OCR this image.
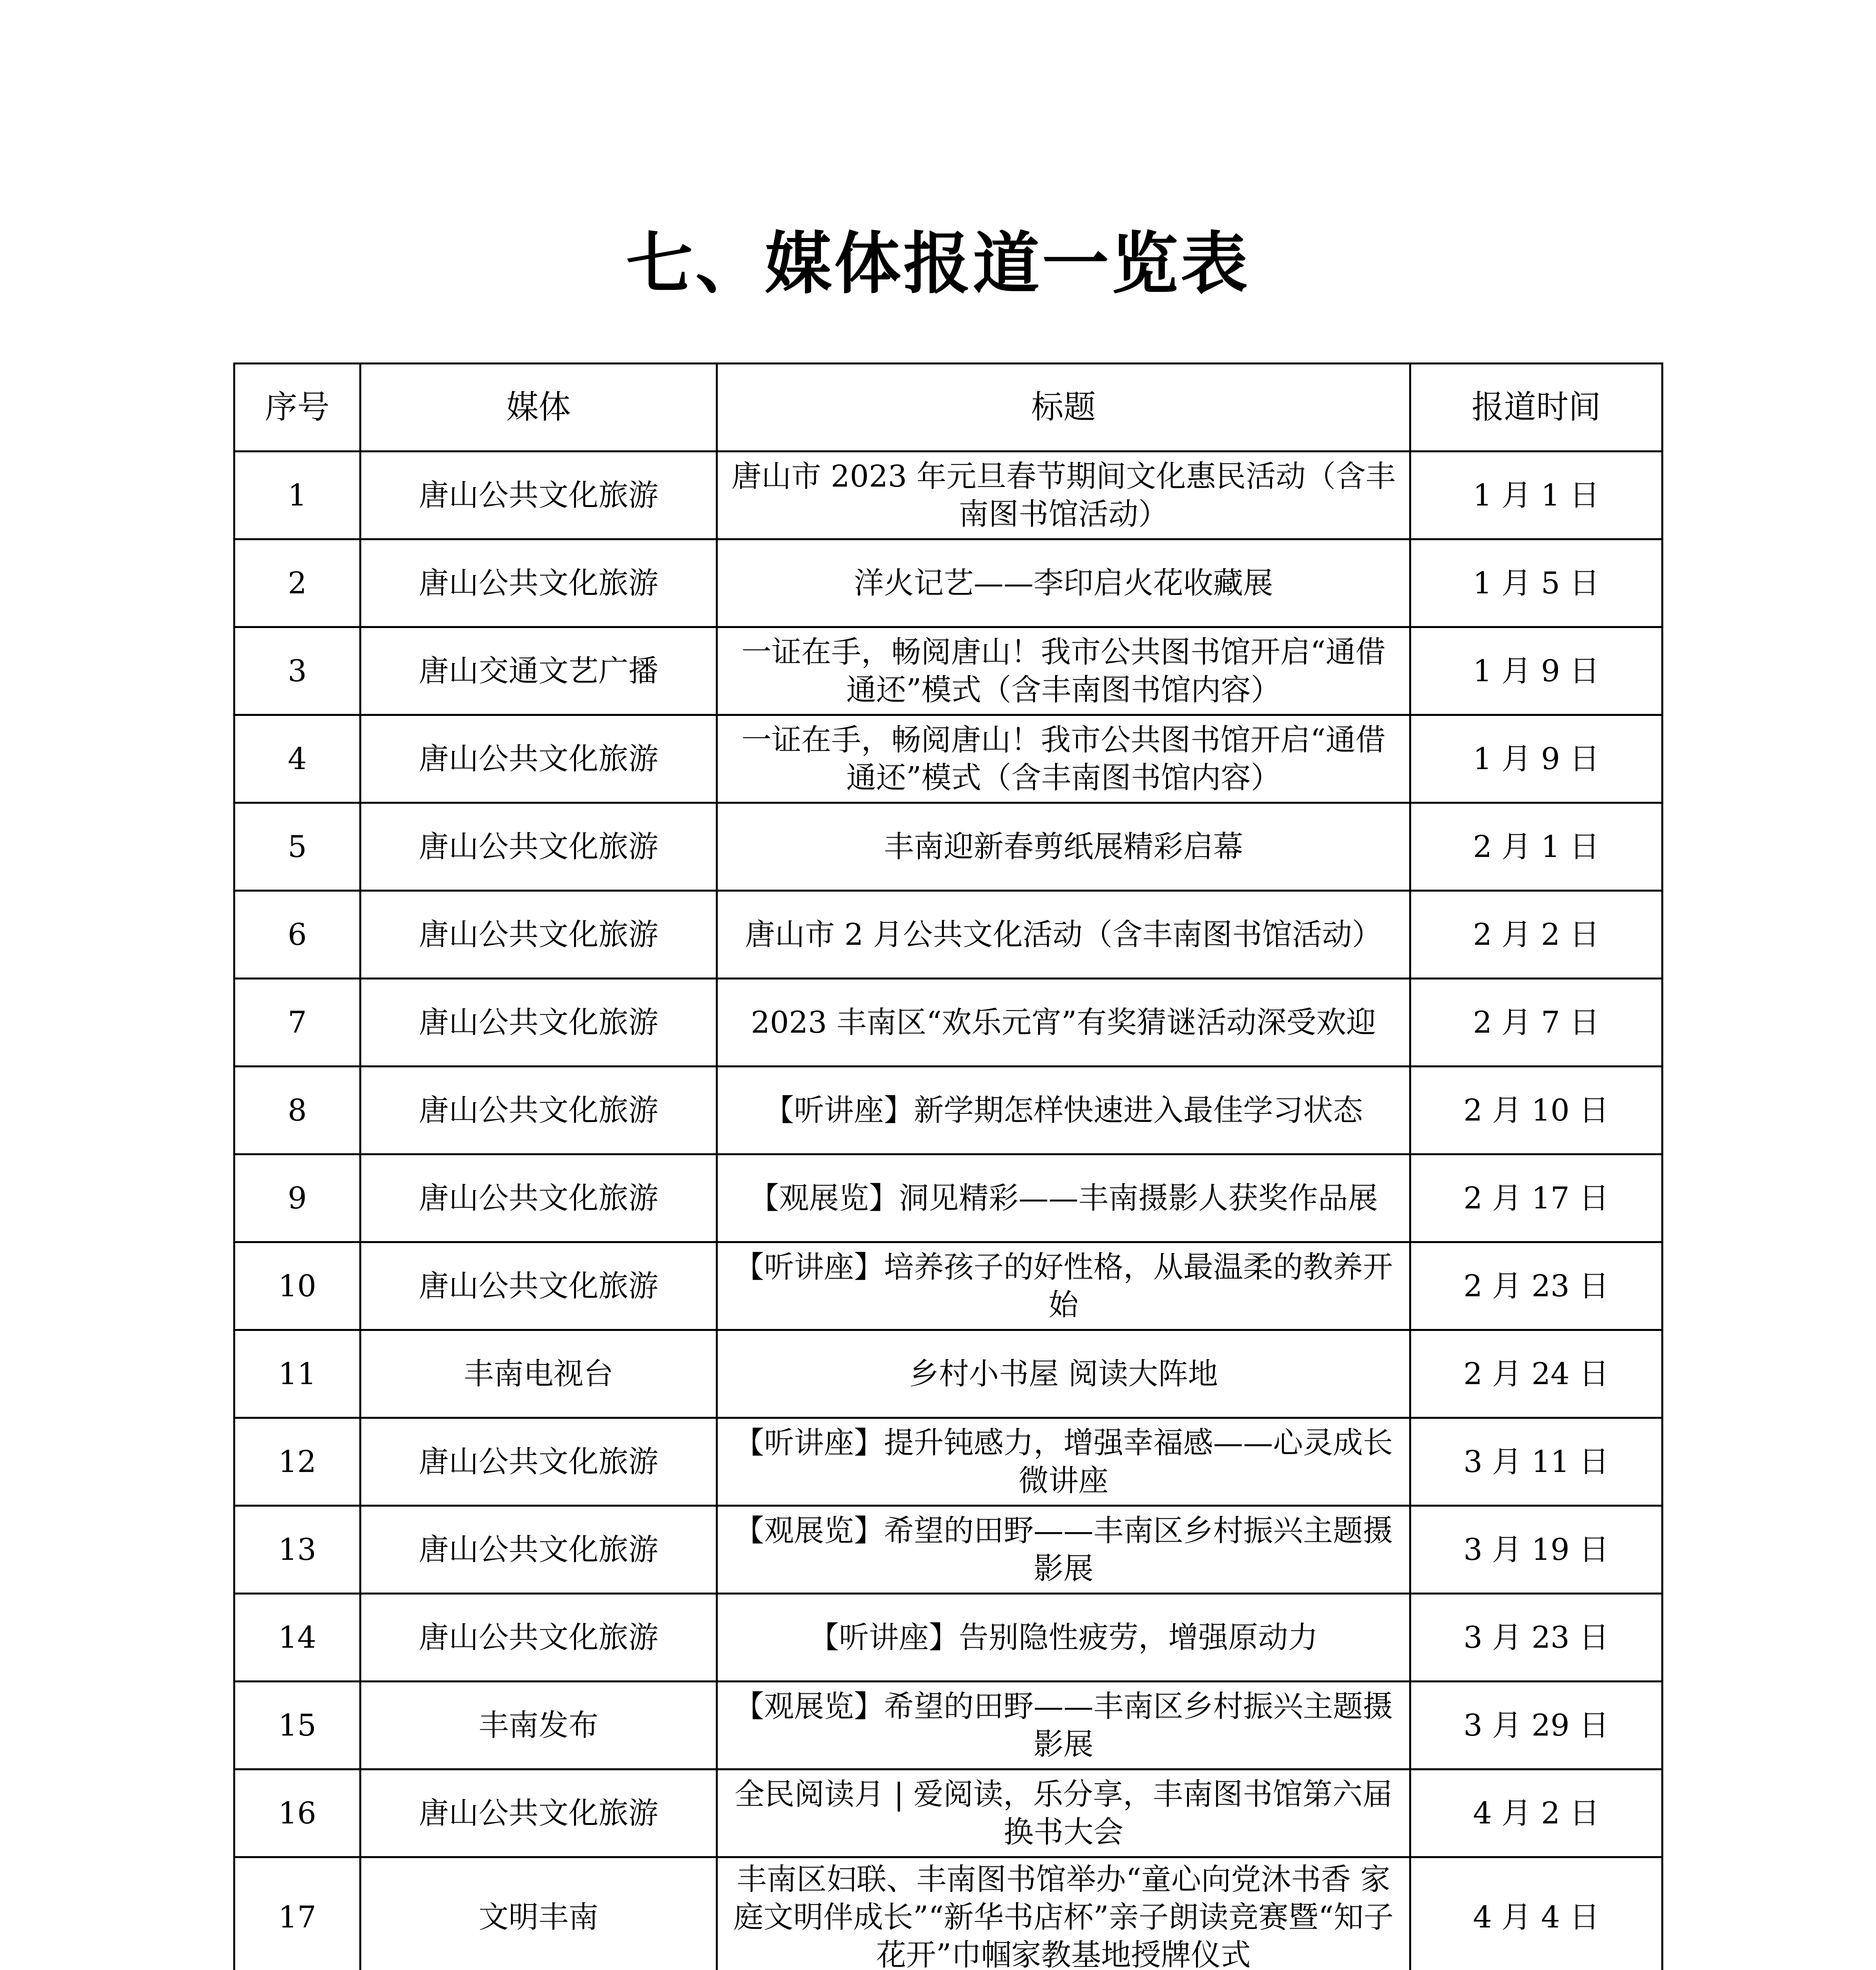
七、媒体报道一览表
序号	媒体	标题	报道时间
1	唐山公共文化旅游	唐山市 2023 年元旦春节期间文化惠民活动（含丰南图书馆活动）	1 月 1 日
2	唐山公共文化旅游	洋火记艺——李印启火花收藏展	1 月 5 日
3	唐山交通文艺广播	一证在手，畅阅唐山！我市公共图书馆开启“通借通还”模式（含丰南图书馆内容）	1 月 9 日
4	唐山公共文化旅游	一证在手，畅阅唐山！我市公共图书馆开启“通借通还”模式（含丰南图书馆内容）	1 月 9 日
5	唐山公共文化旅游	丰南迎新春剪纸展精彩启幕	2 月 1 日
6	唐山公共文化旅游	唐山市 2 月公共文化活动（含丰南图书馆活动）	2 月 2 日
7	唐山公共文化旅游	2023 丰南区“欢乐元宵”有奖猜谜活动深受欢迎	2 月 7 日
8	唐山公共文化旅游	【听讲座】新学期怎样快速进入最佳学习状态	2 月 10 日
9	唐山公共文化旅游	【观展览】洞见精彩——丰南摄影人获奖作品展	2 月 17 日
10	唐山公共文化旅游	【听讲座】培养孩子的好性格，从最温柔的教养开始	2 月 23 日
11	丰南电视台	乡村小书屋 阅读大阵地	2 月 24 日
12	唐山公共文化旅游	【听讲座】提升钝感力，增强幸福感——心灵成长微讲座	3 月 11 日
13	唐山公共文化旅游	【观展览】希望的田野——丰南区乡村振兴主题摄影展	3 月 19 日
14	唐山公共文化旅游	【听讲座】告别隐性疲劳，增强原动力	3 月 23 日
15	丰南发布	【观展览】希望的田野——丰南区乡村振兴主题摄影展	3 月 29 日
16	唐山公共文化旅游	全民阅读月 | 爱阅读，乐分享，丰南图书馆第六届换书大会	4 月 2 日
17	文明丰南	丰南区妇联、丰南图书馆举办“童心向党沐书香 家庭文明伴成长”“新华书店杯”亲子朗读竞赛暨“知子花开”巾帼家教基地授牌仪式	4 月 4 日
